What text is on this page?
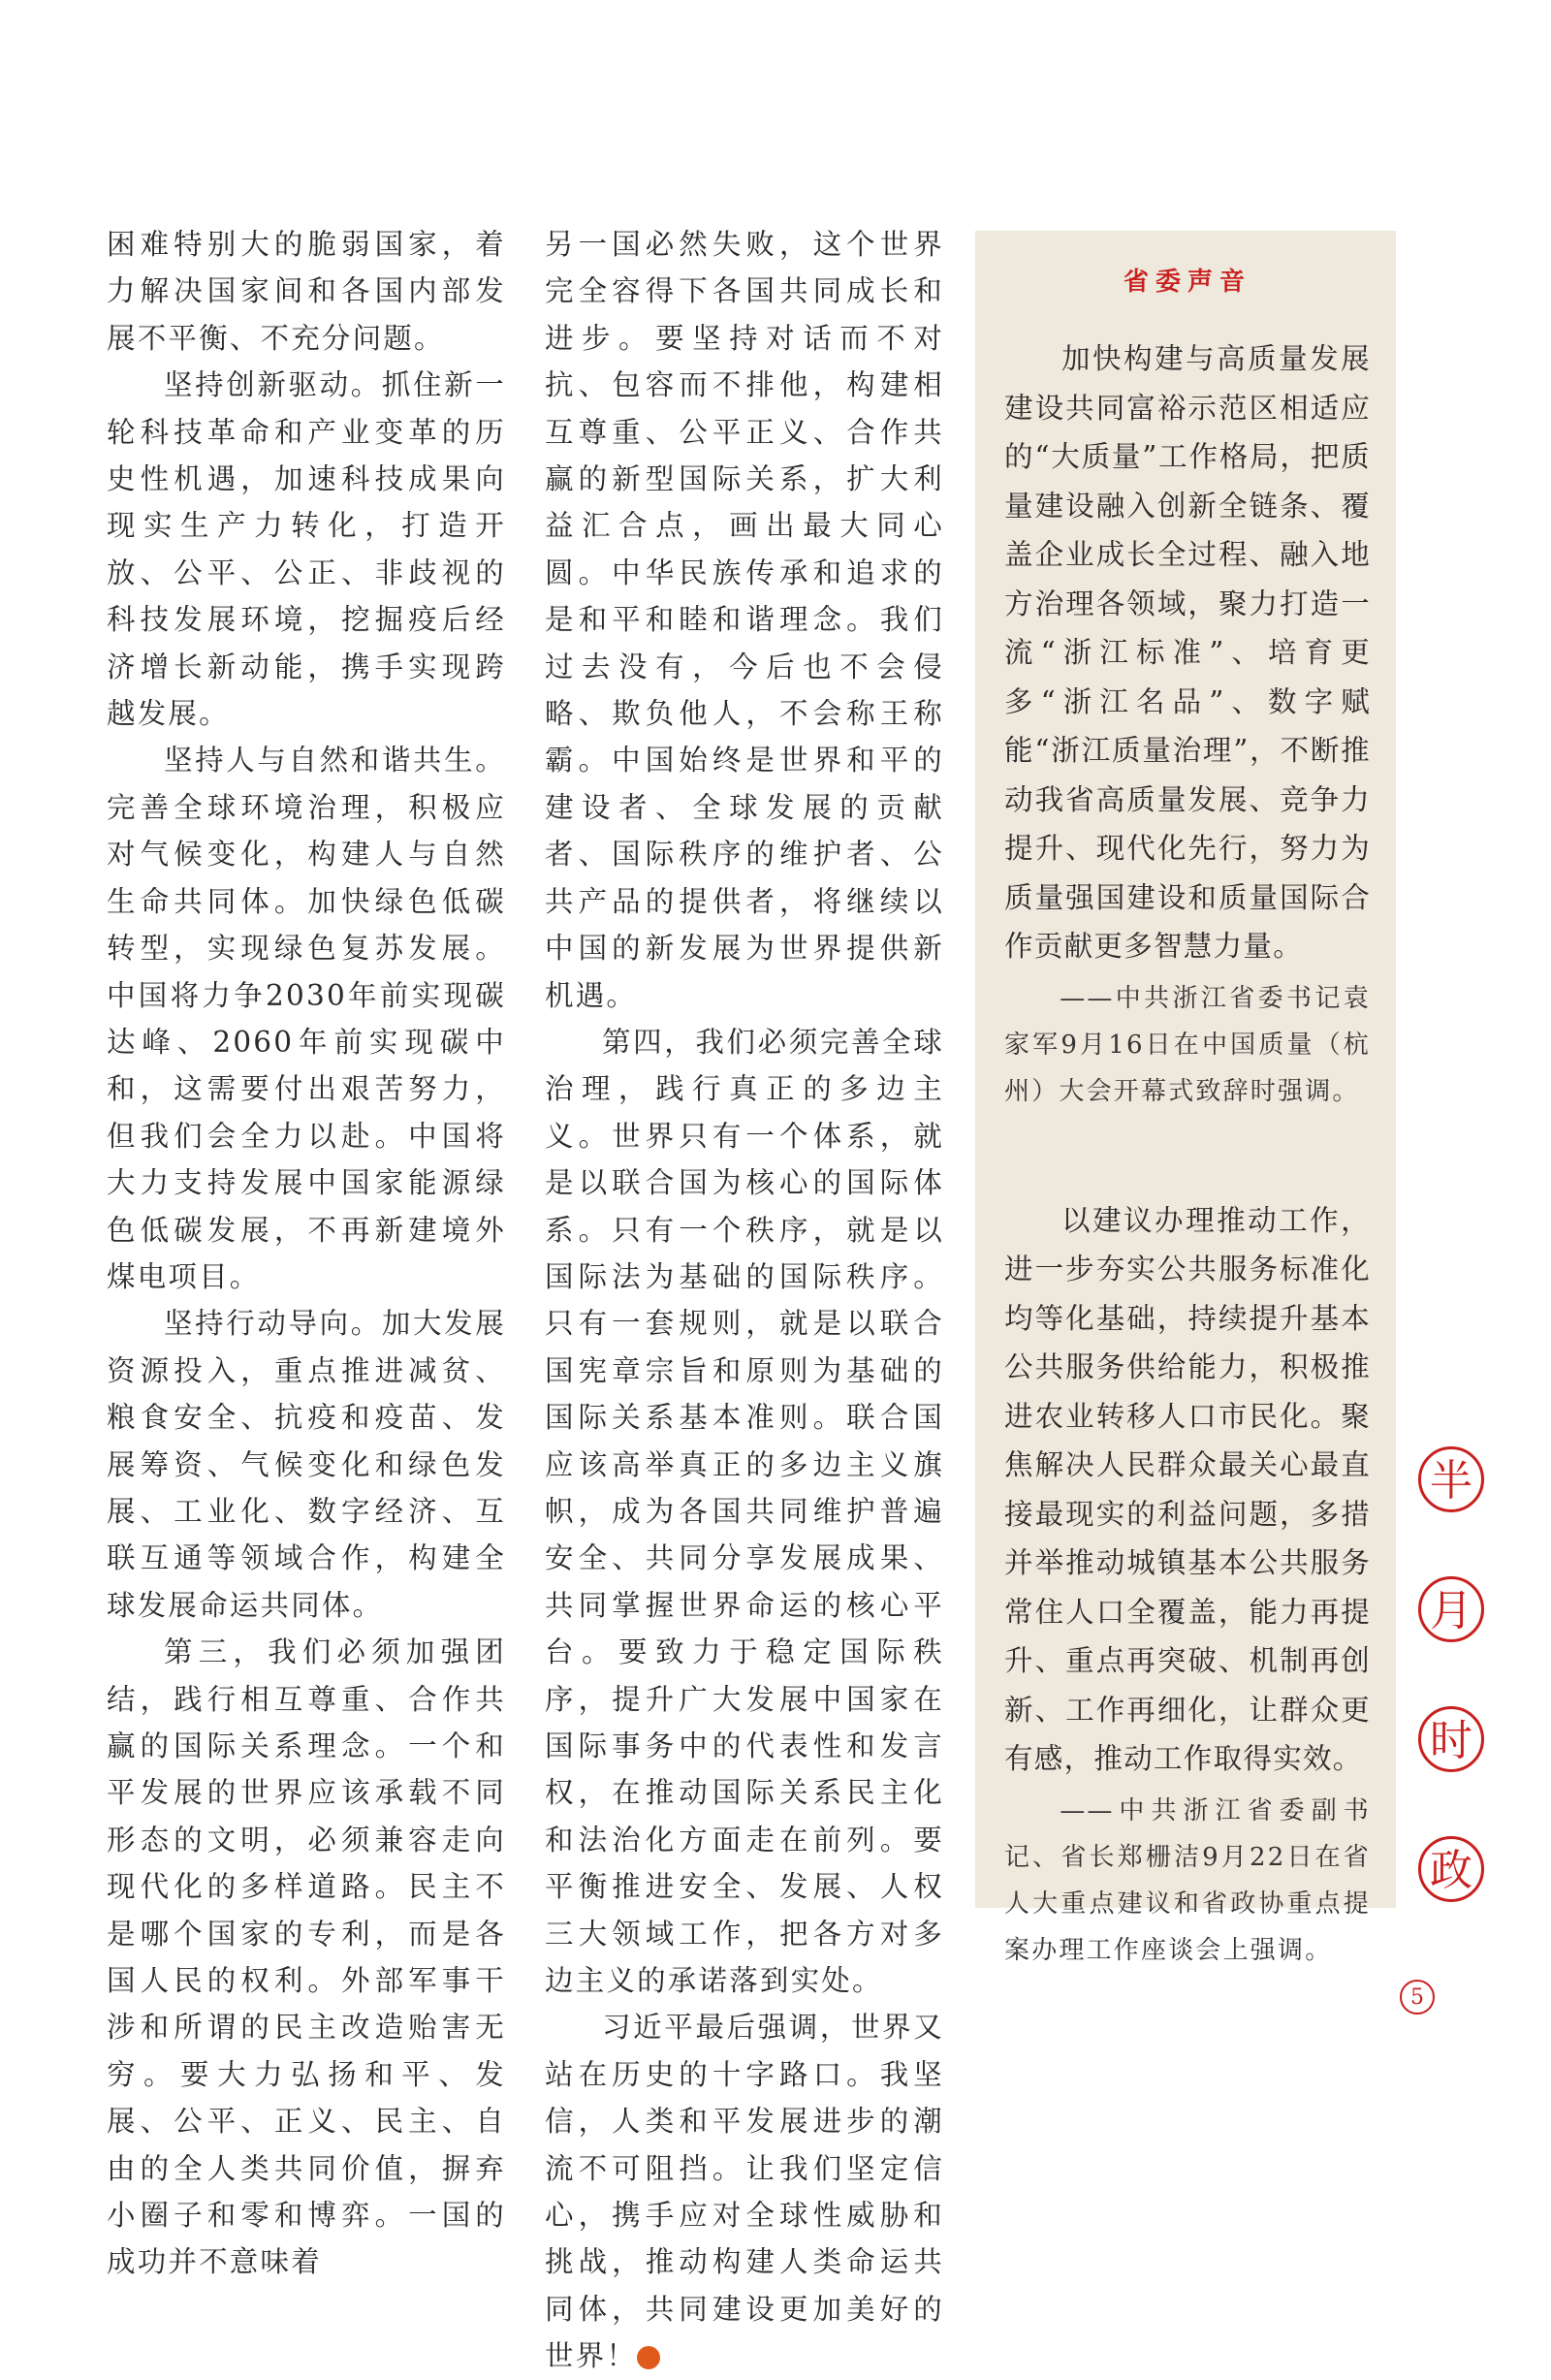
困难特别大的脆弱国家，着力解决国家间和各国内部发展不平衡、不充分问题。

坚持创新驱动。抓住新一轮科技革命和产业变革的历史性机遇，加速科技成果向现实生产力转化，打造开放、公平、公正、非歧视的科技发展环境，挖掘疫后经济增长新动能，携手实现跨越发展。

坚持人与自然和谐共生。完善全球环境治理，积极应对气候变化，构建人与自然生命共同体。加快绿色低碳转型，实现绿色复苏发展。中国将力争2030年前实现碳达峰、2060年前实现碳中和，这需要付出艰苦努力，但我们会全力以赴。中国将大力支持发展中国家能源绿色低碳发展，不再新建境外煤电项目。

坚持行动导向。加大发展资源投入，重点推进减贫、粮食安全、抗疫和疫苗、发展筹资、气候变化和绿色发展、工业化、数字经济、互联互通等领域合作，构建全球发展命运共同体。

第三，我们必须加强团结，践行相互尊重、合作共赢的国际关系理念。一个和平发展的世界应该承载不同形态的文明，必须兼容走向现代化的多样道路。民主不是哪个国家的专利，而是各国人民的权利。外部军事干涉和所谓的民主改造贻害无穷。要大力弘扬和平、发展、公平、正义、民主、自由的全人类共同价值，摒弃小圈子和零和博弈。一国的成功并不意味着

另一国必然失败，这个世界完全容得下各国共同成长和进步。要坚持对话而不对抗、包容而不排他，构建相互尊重、公平正义、合作共赢的新型国际关系，扩大利益汇合点，画出最大同心圆。中华民族传承和追求的是和平和睦和谐理念。我们过去没有，今后也不会侵略、欺负他人，不会称王称霸。中国始终是世界和平的建设者、全球发展的贡献者、国际秩序的维护者、公共产品的提供者，将继续以中国的新发展为世界提供新机遇。

第四，我们必须完善全球治理，践行真正的多边主义。世界只有一个体系，就是以联合国为核心的国际体系。只有一个秩序，就是以国际法为基础的国际秩序。只有一套规则，就是以联合国宪章宗旨和原则为基础的国际关系基本准则。联合国应该高举真正的多边主义旗帜，成为各国共同维护普遍安全、共同分享发展成果、共同掌握世界命运的核心平台。要致力于稳定国际秩序，提升广大发展中国家在国际事务中的代表性和发言权，在推动国际关系民主化和法治化方面走在前列。要平衡推进安全、发展、人权三大领域工作，把各方对多边主义的承诺落到实处。

习近平最后强调，世界又站在历史的十字路口。我坚信，人类和平发展进步的潮流不可阻挡。让我们坚定信心，携手应对全球性威胁和挑战，推动构建人类命运共同体，共同建设更加美好的世界！	个

省委声音

加快构建与高质量发展建设共同富裕示范区相适应的“大质量”工作格局，把质量建设融入创新全链条、覆盖企业成长全过程、融入地方治理各领域，聚力打造一流“浙江标准”、培育更多“浙江名品”、数字赋能“浙江质量治理”，不断推动我省高质量发展、竞争力提升、现代化先行，努力为质量强国建设和质量国际合作贡献更多智慧力量。

——中共浙江省委书记袁家军9月16日在中国质量（杭州）大会开幕式致辞时强调。

以建议办理推动工作，进一步夯实公共服务标准化均等化基础，持续提升基本公共服务供给能力，积极推进农业转移人口市民化。聚焦解决人民群众最关心最直接最现实的利益问题，多措并举推动城镇基本公共服务常住人口全覆盖，能力再提升、重点再突破、机制再创新、工作再细化，让群众更有感，推动工作取得实效。

——中共浙江省委副书记、省长郑栅洁9月22日在省人大重点建议和省政协重点提案办理工作座谈会上强调。

半
月
时
政
5
